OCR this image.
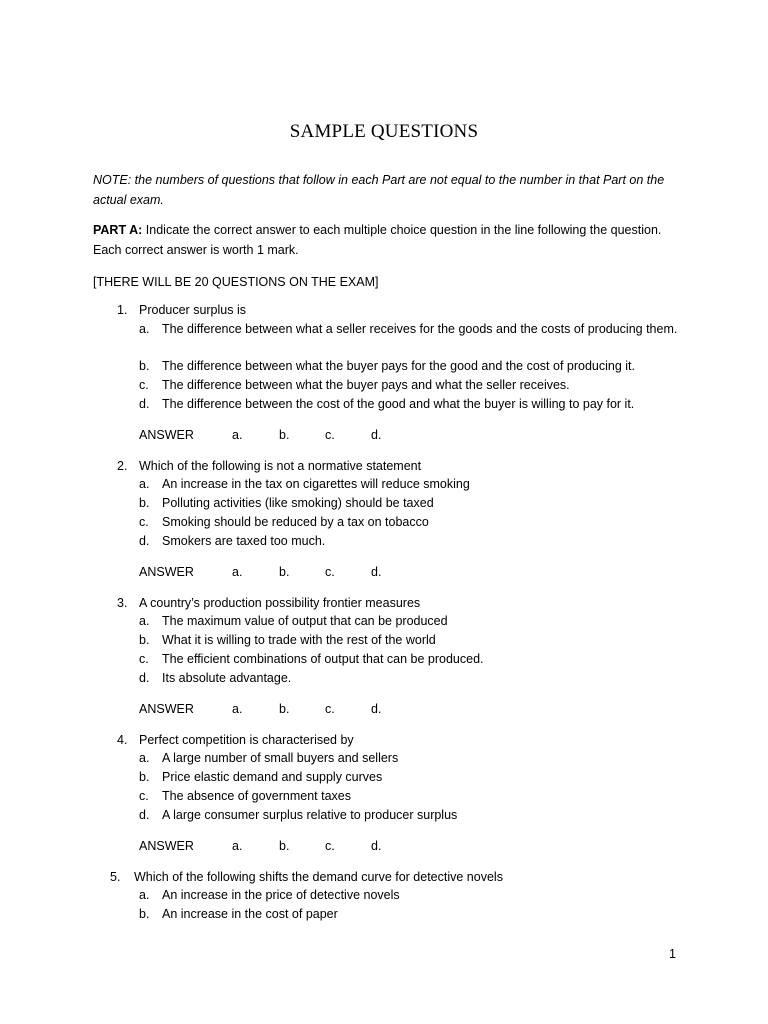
SAMPLE QUESTIONS
NOTE: the numbers of questions that follow in each Part are not equal to the number in that Part on the actual exam.
PART A: Indicate the correct answer to each multiple choice question in the line following the question. Each correct answer is worth 1 mark.
[THERE WILL BE 20 QUESTIONS ON THE EXAM]
1. Producer surplus is
a. The difference between what a seller receives for the goods and the costs of producing them.
b. The difference between what the buyer pays for the good and the cost of producing it.
c. The difference between what the buyer pays and what the seller receives.
d. The difference between the cost of the good and what the buyer is willing to pay for it.
ANSWER	a.	b.	c.	d.
2. Which of the following is not a normative statement
a. An increase in the tax on cigarettes will reduce smoking
b. Polluting activities (like smoking) should be taxed
c. Smoking should be reduced by a tax on tobacco
d. Smokers are taxed too much.
ANSWER	a.	b.	c.	d.
3. A country’s production possibility frontier measures
a. The maximum value of output that can be produced
b. What it is willing to trade with the rest of the world
c. The efficient combinations of output that can be produced.
d. Its absolute advantage.
ANSWER	a.	b.	c.	d.
4. Perfect competition is characterised by
a. A large number of small buyers and sellers
b. Price elastic demand and supply curves
c. The absence of government taxes
d. A large consumer surplus relative to producer surplus
ANSWER	a.	b.	c.	d.
5. Which of the following shifts the demand curve for detective novels
a. An increase in the price of detective novels
b. An increase in the cost of paper
1
